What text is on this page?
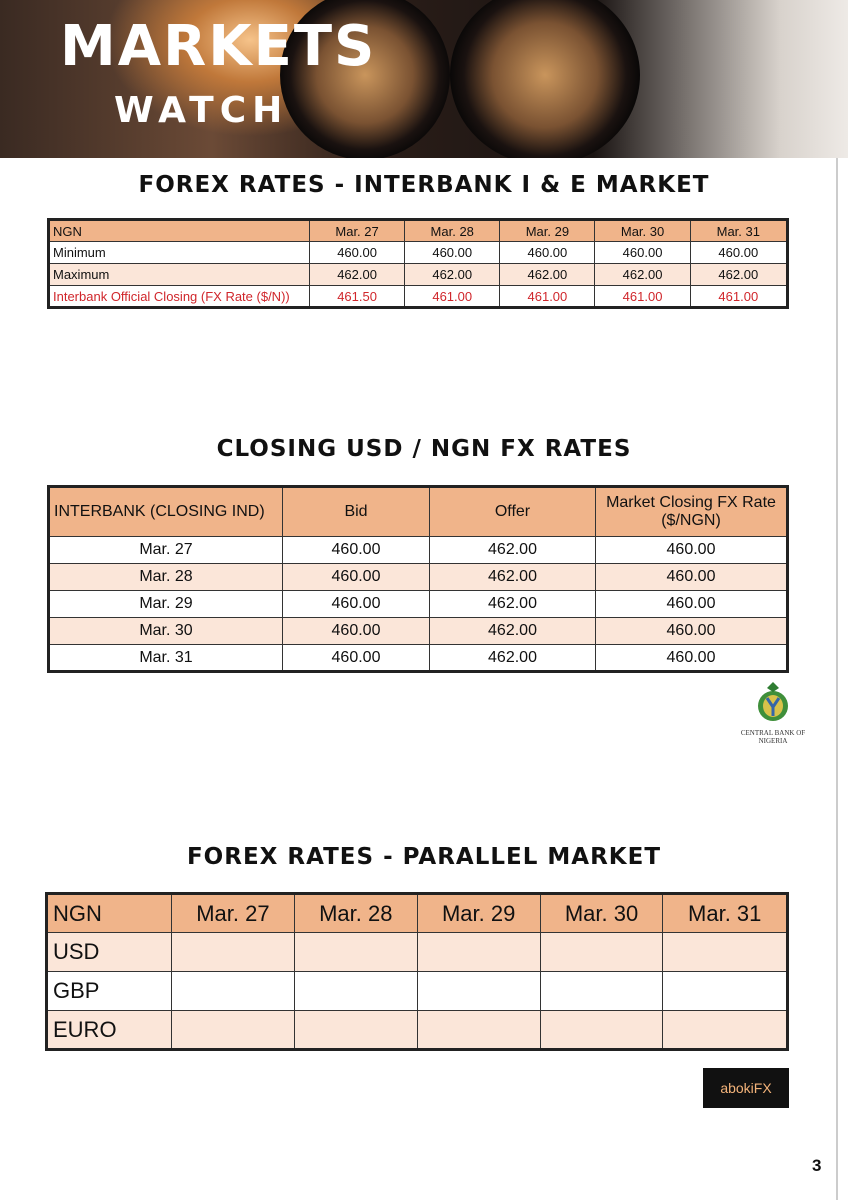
MARKETS
WATCH
FOREX RATES - INTERBANK I & E MARKET
NGN	Mar. 27	Mar. 28	Mar. 29	Mar. 30	Mar. 31
Minimum	460.00	460.00	460.00	460.00	460.00
Maximum	462.00	462.00	462.00	462.00	462.00
Interbank Official Closing (FX Rate ($/N))	461.50	461.00	461.00	461.00	461.00
CLOSING USD / NGN FX RATES
INTERBANK (CLOSING IND)	Bid	Offer	Market Closing FX Rate ($/NGN)
Mar. 27	460.00	462.00	460.00
Mar. 28	460.00	462.00	460.00
Mar. 29	460.00	462.00	460.00
Mar. 30	460.00	462.00	460.00
Mar. 31	460.00	462.00	460.00
CENTRAL BANK OF NIGERIA
FOREX RATES - PARALLEL MARKET
NGN	Mar. 27	Mar. 28	Mar. 29	Mar. 30	Mar. 31
USD					
GBP					
EURO					
abokiFX
3
